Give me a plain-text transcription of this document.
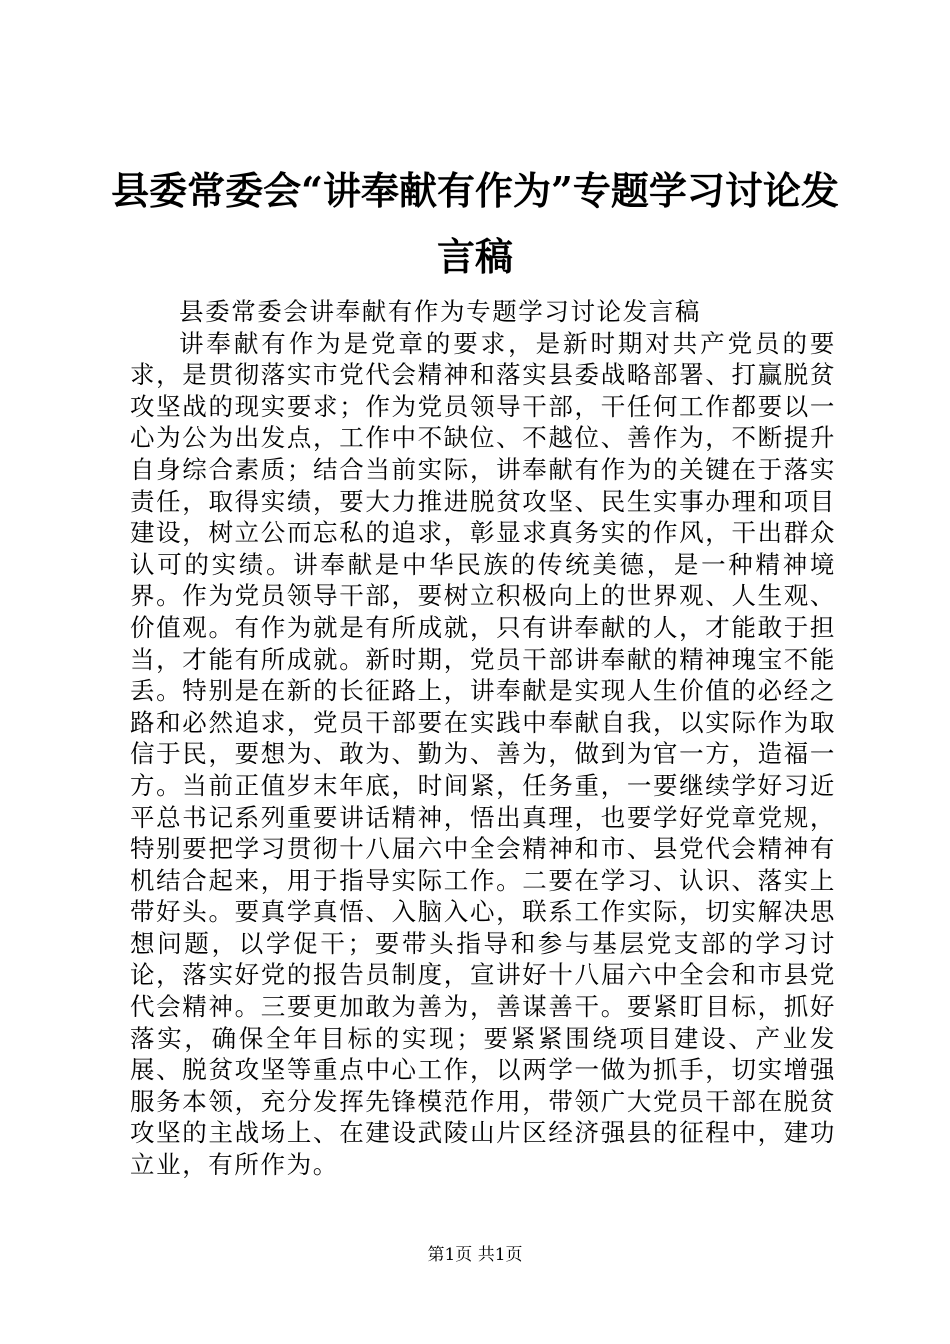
县委常委会“讲奉献有作为”专题学习讨论发言稿

县委常委会讲奉献有作为专题学习讨论发言稿

讲奉献有作为是党章的要求，是新时期对共产党员的要求，是贯彻落实市党代会精神和落实县委战略部署、打赢脱贫攻坚战的现实要求；作为党员领导干部，干任何工作都要以一心为公为出发点，工作中不缺位、不越位、善作为，不断提升自身综合素质；结合当前实际，讲奉献有作为的关键在于落实责任，取得实绩，要大力推进脱贫攻坚、民生实事办理和项目建设，树立公而忘私的追求，彰显求真务实的作风，干出群众认可的实绩。讲奉献是中华民族的传统美德，是一种精神境界。作为党员领导干部，要树立积极向上的世界观、人生观、价值观。有作为就是有所成就，只有讲奉献的人，才能敢于担当，才能有所成就。新时期，党员干部讲奉献的精神瑰宝不能丢。特别是在新的长征路上，讲奉献是实现人生价值的必经之路和必然追求，党员干部要在实践中奉献自我，以实际作为取信于民，要想为、敢为、勤为、善为，做到为官一方，造福一方。当前正值岁末年底，时间紧，任务重，一要继续学好习近平总书记系列重要讲话精神，悟出真理，也要学好党章党规，特别要把学习贯彻十八届六中全会精神和市、县党代会精神有机结合起来，用于指导实际工作。二要在学习、认识、落实上带好头。要真学真悟、入脑入心，联系工作实际，切实解决思想问题，以学促干；要带头指导和参与基层党支部的学习讨论，落实好党的报告员制度，宣讲好十八届六中全会和市县党代会精神。三要更加敢为善为，善谋善干。要紧盯目标，抓好落实，确保全年目标的实现；要紧紧围绕项目建设、产业发展、脱贫攻坚等重点中心工作，以两学一做为抓手，切实增强服务本领，充分发挥先锋模范作用，带领广大党员干部在脱贫攻坚的主战场上、在建设武陵山片区经济强县的征程中，建功立业，有所作为。

第1页 共1页
